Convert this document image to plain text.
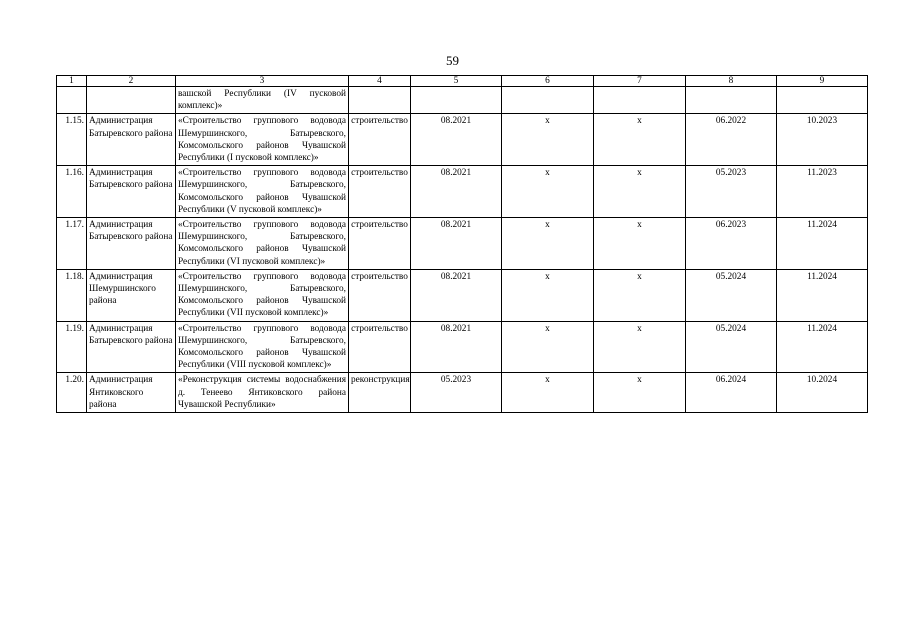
59
1	2	3	4	5	6	7	8	9
		вашской Республики (IV пусковой комплекс)»						
1.15.	Администрация Батыревского района	«Строительство группового водовода Шемуршинского, Батыревского, Комсомольского районов Чувашской Республики (I пусковой комплекс)»	строительство	08.2021	х	х	06.2022	10.2023
1.16.	Администрация Батыревского района	«Строительство группового водовода Шемуршинского, Батыревского, Комсомольского районов Чувашской Республики (V пусковой комплекс)»	строительство	08.2021	х	х	05.2023	11.2023
1.17.	Администрация Батыревского района	«Строительство группового водовода Шемуршинского, Батыревского, Комсомольского районов Чувашской Республики (VI пусковой комплекс)»	строительство	08.2021	х	х	06.2023	11.2024
1.18.	Администрация Шемуршинского района	«Строительство группового водовода Шемуршинского, Батыревского, Комсомольского районов Чувашской Республики (VII пусковой комплекс)»	строительство	08.2021	х	х	05.2024	11.2024
1.19.	Администрация Батыревского района	«Строительство группового водовода Шемуршинского, Батыревского, Комсомольского районов Чувашской Республики (VIII пусковой комплекс)»	строительство	08.2021	х	х	05.2024	11.2024
1.20.	Администрация Янтиковского района	«Реконструкция системы водоснабжения д. Тенеево Янтиковского района Чувашской Республики»	реконструкция	05.2023	х	х	06.2024	10.2024
